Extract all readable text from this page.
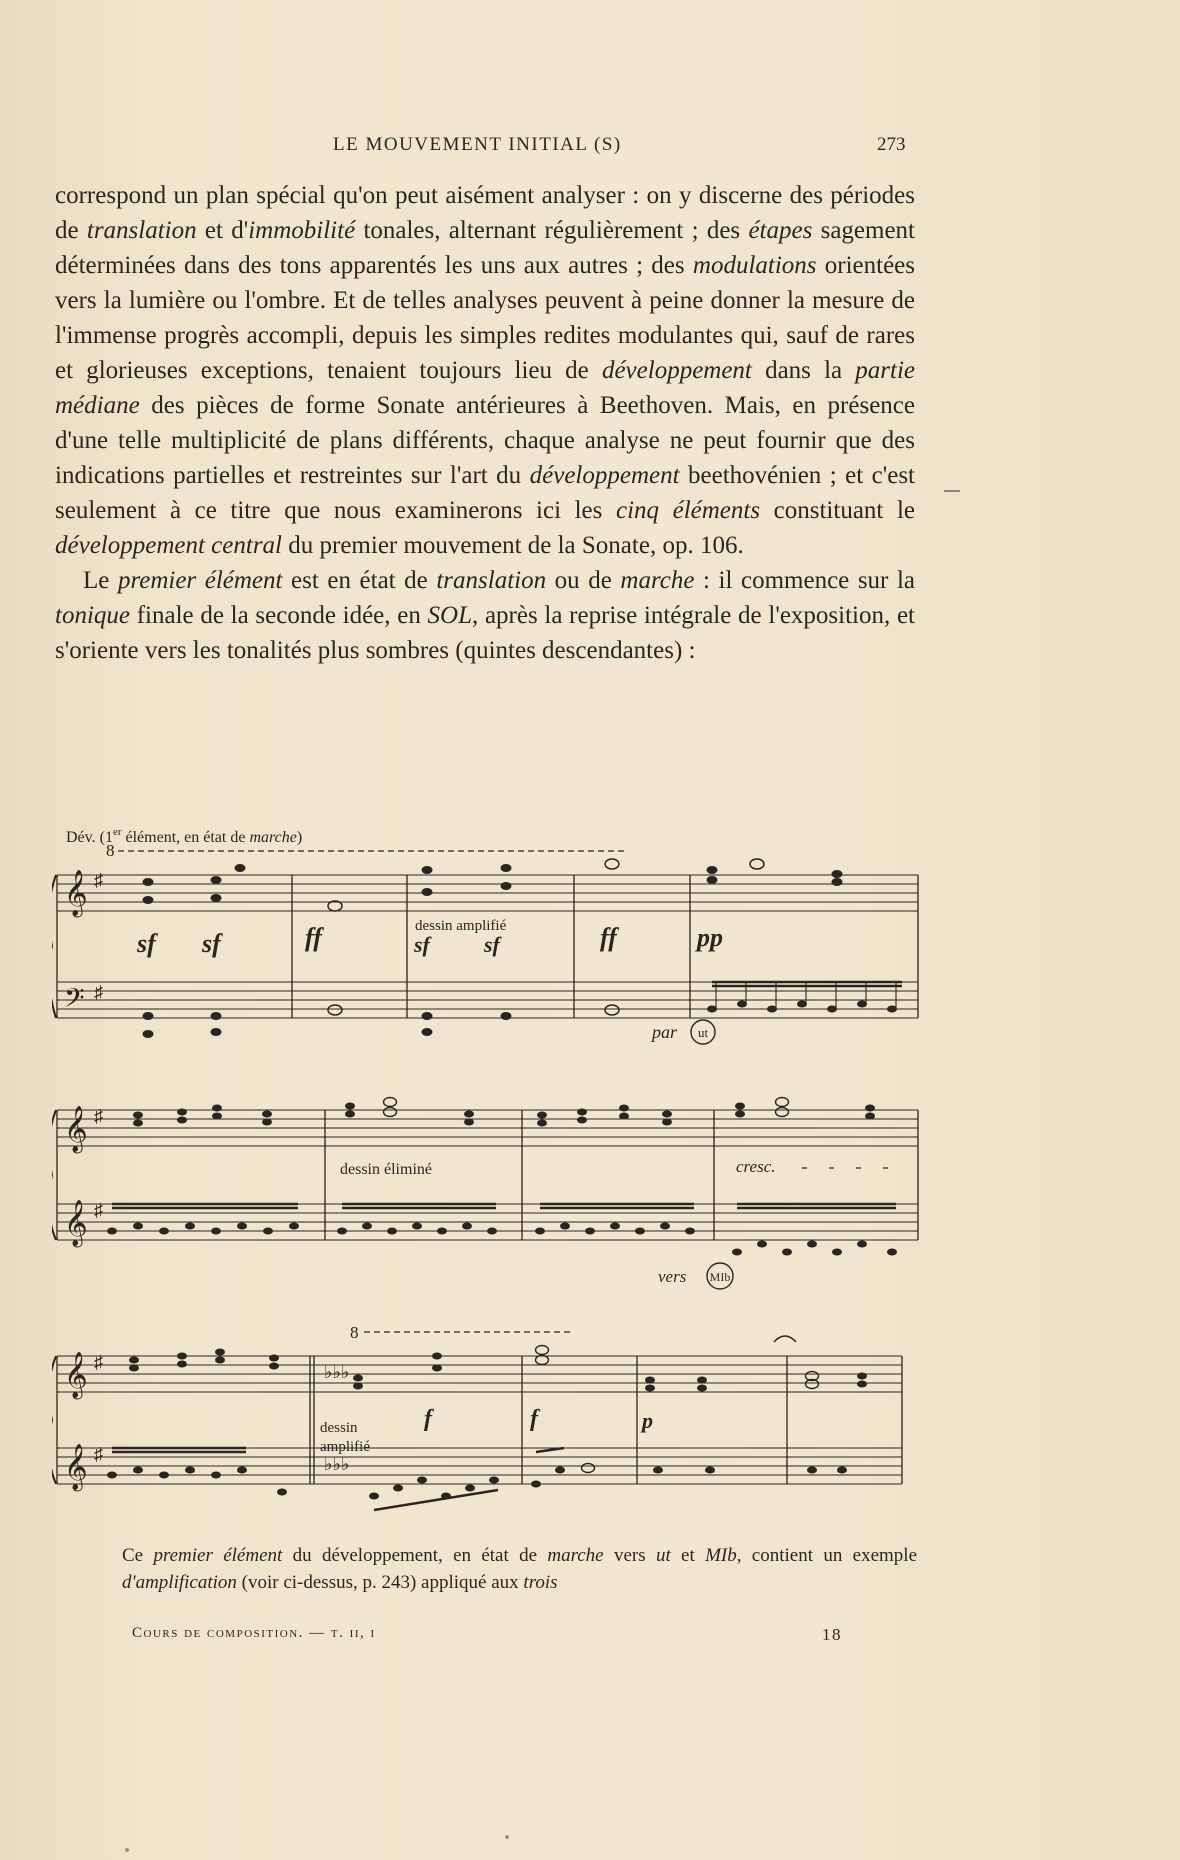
LE MOUVEMENT INITIAL (S)	273

correspond un plan spécial qu'on peut aisément analyser : on y discerne des périodes de translation et d'immobilité tonales, alternant régulièrement ; des étapes sagement déterminées dans des tons apparentés les uns aux autres ; des modulations orientées vers la lumière ou l'ombre. Et de telles analyses peuvent à peine donner la mesure de l'immense progrès accompli, depuis les simples redites modulantes qui, sauf de rares et glorieuses exceptions, tenaient toujours lieu de développement dans la partie médiane des pièces de forme Sonate antérieures à Beethoven. Mais, en présence d'une telle multiplicité de plans différents, chaque analyse ne peut fournir que des indications partielles et restreintes sur l'art du développement beethovénien ; et c'est seulement à ce titre que nous examinerons ici les cinq éléments constituant le développement central du premier mouvement de la Sonate, op. 106.

Le premier élément est en état de translation ou de marche : il commence sur la tonique finale de la seconde idée, en SOL, après la reprise intégrale de l'exposition, et s'oriente vers les tonalités plus sombres (quintes descendantes) :

Dév. (1er élément, en état de marche)
8
𝄞
𝄢
♯
♯
sf sf	ff	dessin amplifié
sf sf	ff	pp
par ut
𝄞
𝄞
♯
♯
dessin éliminé	cresc.
vers MIb
8
𝄞
𝄞
♯
♯
♭♭♭
♭♭♭
dessin
amplifié
f	f	p

Ce premier élément du développement, en état de marche vers ut et MIb, contient un exemple d'amplification (voir ci-dessus, p. 243) appliqué aux trois

Cours de composition. — t. ii, i	18
